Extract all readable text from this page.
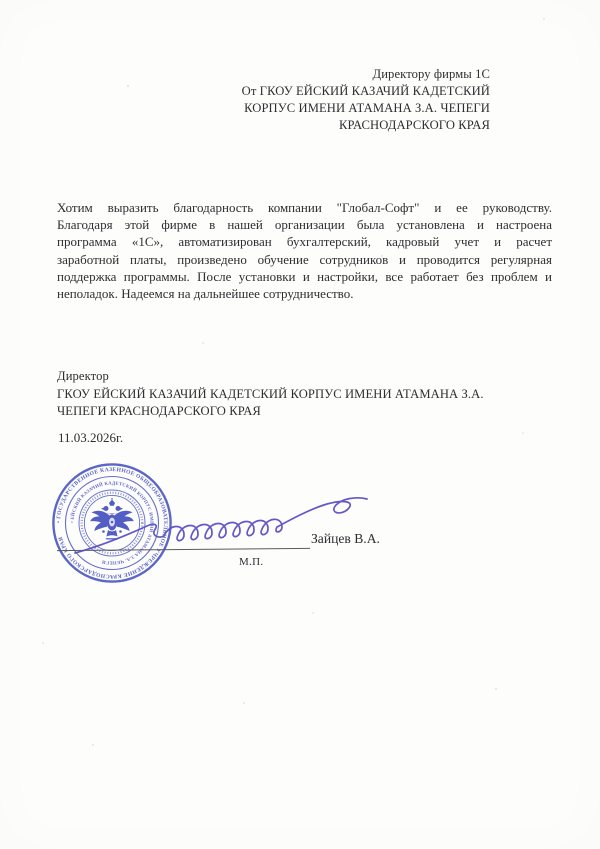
Директору фирмы 1С
От ГКОУ ЕЙСКИЙ КАЗАЧИЙ КАДЕТСКИЙ
КОРПУС ИМЕНИ АТАМАНА З.А. ЧЕПЕГИ
КРАСНОДАРСКОГО КРАЯ
Хотим выразить благодарность компании "Глобал-Софт" и ее руководству.
Благодаря этой фирме в нашей организации была установлена и настроена
программа «1С», автоматизирован бухгалтерский, кадровый учет и расчет
заработной платы, произведено обучение сотрудников и проводится регулярная
поддержка программы. После установки и настройки, все работает без проблем и
неполадок. Надеемся на дальнейшее сотрудничество.
Директор
ГКОУ ЕЙСКИЙ КАЗАЧИЙ КАДЕТСКИЙ КОРПУС ИМЕНИ АТАМАНА З.А.
ЧЕПЕГИ КРАСНОДАРСКОГО КРАЯ
11.03.2026г.
• ГОСУДАРСТВЕННОЕ КАЗЕННОЕ ОБЩЕОБРАЗОВАТЕЛЬНОЕ УЧРЕЖДЕНИЕ КРАСНОДАРСКОГО КРАЯ
• ЕЙСКИЙ КАЗАЧИЙ КАДЕТСКИЙ КОРПУС ИМЕНИ АТАМАНА З.А. ЧЕПЕГИ
Зайцев В.А.
М.П.
